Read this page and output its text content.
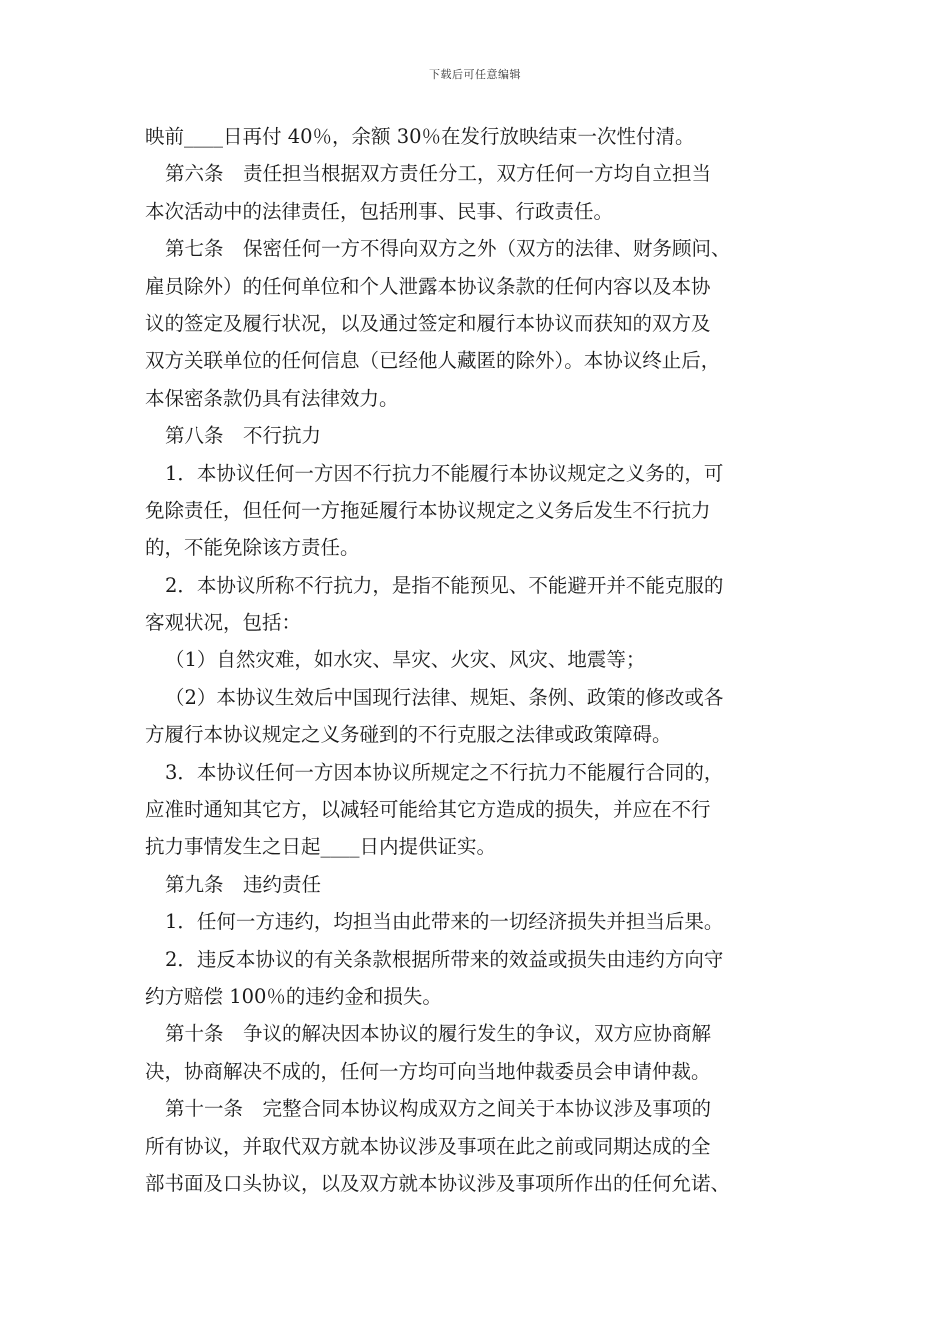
下载后可任意编辑
映前____日再付 40％，余额 30％在发行放映结束一次性付清。
第六条　责任担当根据双方责任分工，双方任何一方均自立担当
本次活动中的法律责任，包括刑事、民事、行政责任。
第七条　保密任何一方不得向双方之外（双方的法律、财务顾问、
雇员除外）的任何单位和个人泄露本协议条款的任何内容以及本协
议的签定及履行状况，以及通过签定和履行本协议而获知的双方及
双方关联单位的任何信息（已经他人藏匿的除外）。本协议终止后，
本保密条款仍具有法律效力。
第八条　不行抗力
1．本协议任何一方因不行抗力不能履行本协议规定之义务的，可
免除责任，但任何一方拖延履行本协议规定之义务后发生不行抗力
的，不能免除该方责任。
2．本协议所称不行抗力，是指不能预见、不能避开并不能克服的
客观状况，包括：
（1）自然灾难，如水灾、旱灾、火灾、风灾、地震等；
（2）本协议生效后中国现行法律、规矩、条例、政策的修改或各
方履行本协议规定之义务碰到的不行克服之法律或政策障碍。
3．本协议任何一方因本协议所规定之不行抗力不能履行合同的，
应准时通知其它方，以减轻可能给其它方造成的损失，并应在不行
抗力事情发生之日起____日内提供证实。
第九条　违约责任
1．任何一方违约，均担当由此带来的一切经济损失并担当后果。
2．违反本协议的有关条款根据所带来的效益或损失由违约方向守
约方赔偿 100％的违约金和损失。
第十条　争议的解决因本协议的履行发生的争议，双方应协商解
决，协商解决不成的，任何一方均可向当地仲裁委员会申请仲裁。
第十一条　完整合同本协议构成双方之间关于本协议涉及事项的
所有协议，并取代双方就本协议涉及事项在此之前或同期达成的全
部书面及口头协议，以及双方就本协议涉及事项所作出的任何允诺、
